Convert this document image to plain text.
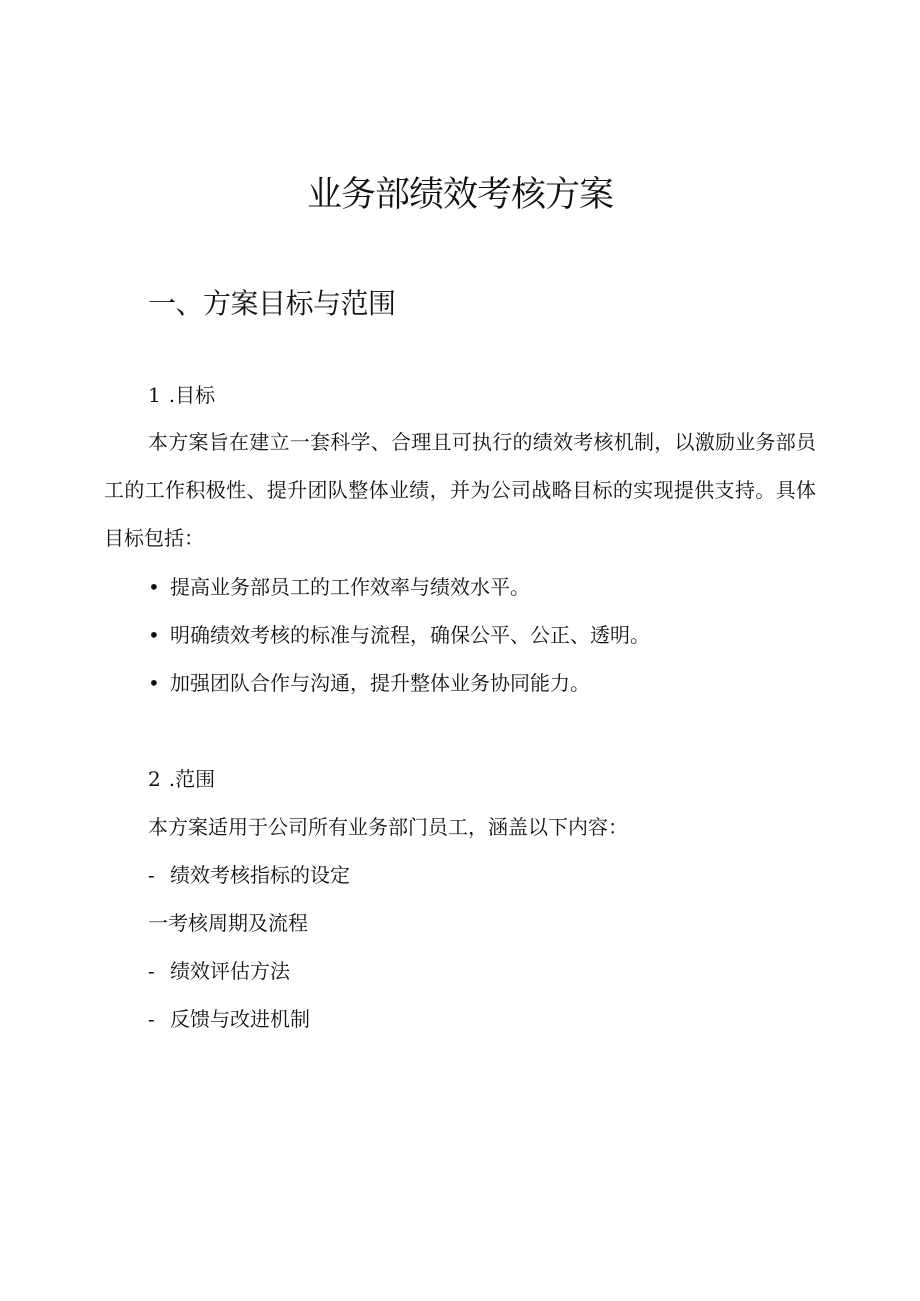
业务部绩效考核方案
一、方案目标与范围

1 .目标

本方案旨在建立一套科学、合理且可执行的绩效考核机制，以激励业务部员工的工作积极性、提升团队整体业绩，并为公司战略目标的实现提供支持。具体目标包括：

• 提高业务部员工的工作效率与绩效水平。

• 明确绩效考核的标准与流程，确保公平、公正、透明。

• 加强团队合作与沟通，提升整体业务协同能力。

2 .范围

本方案适用于公司所有业务部门员工，涵盖以下内容：

- 绩效考核指标的设定

一考核周期及流程

- 绩效评估方法

- 反馈与改进机制
